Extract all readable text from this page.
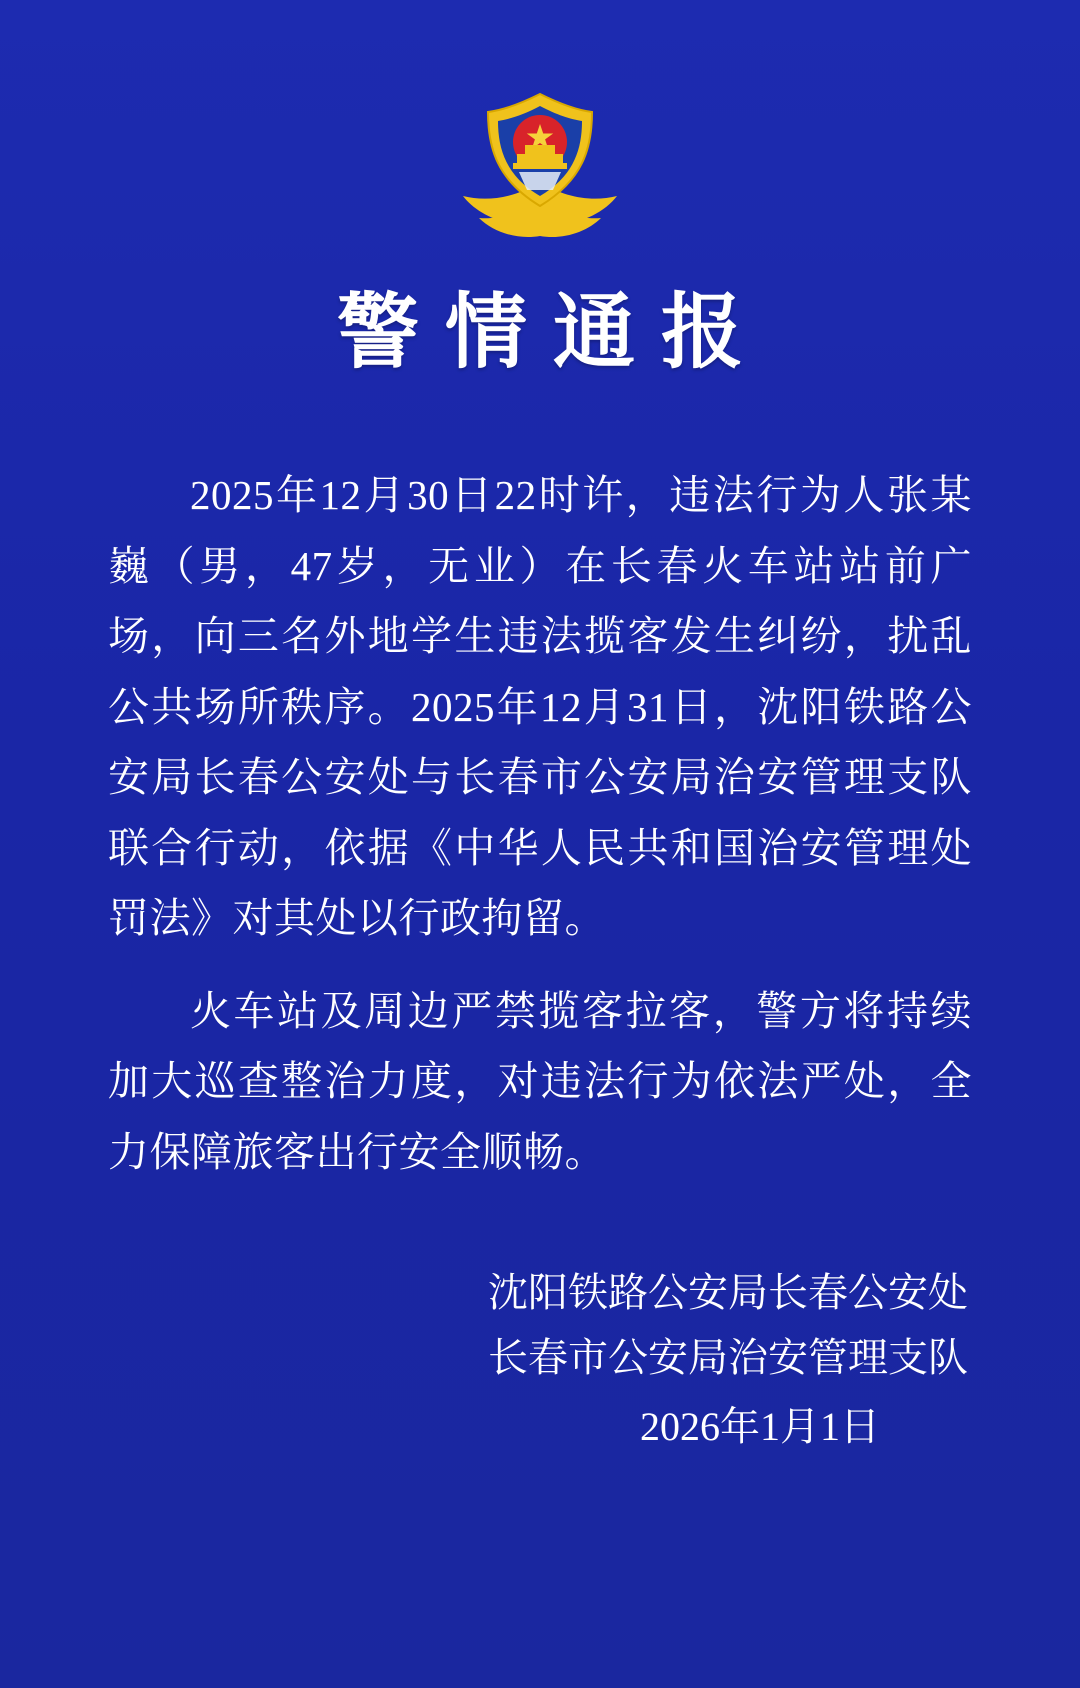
警情通报

2025年12月30日22时许，违法行为人张某巍（男，47岁，无业）在长春火车站站前广场，向三名外地学生违法揽客发生纠纷，扰乱公共场所秩序。2025年12月31日，沈阳铁路公安局长春公安处与长春市公安局治安管理支队联合行动，依据《中华人民共和国治安管理处罚法》对其处以行政拘留。

火车站及周边严禁揽客拉客，警方将持续加大巡查整治力度，对违法行为依法严处，全力保障旅客出行安全顺畅。

沈阳铁路公安局长春公安处
长春市公安局治安管理支队
2026年1月1日
